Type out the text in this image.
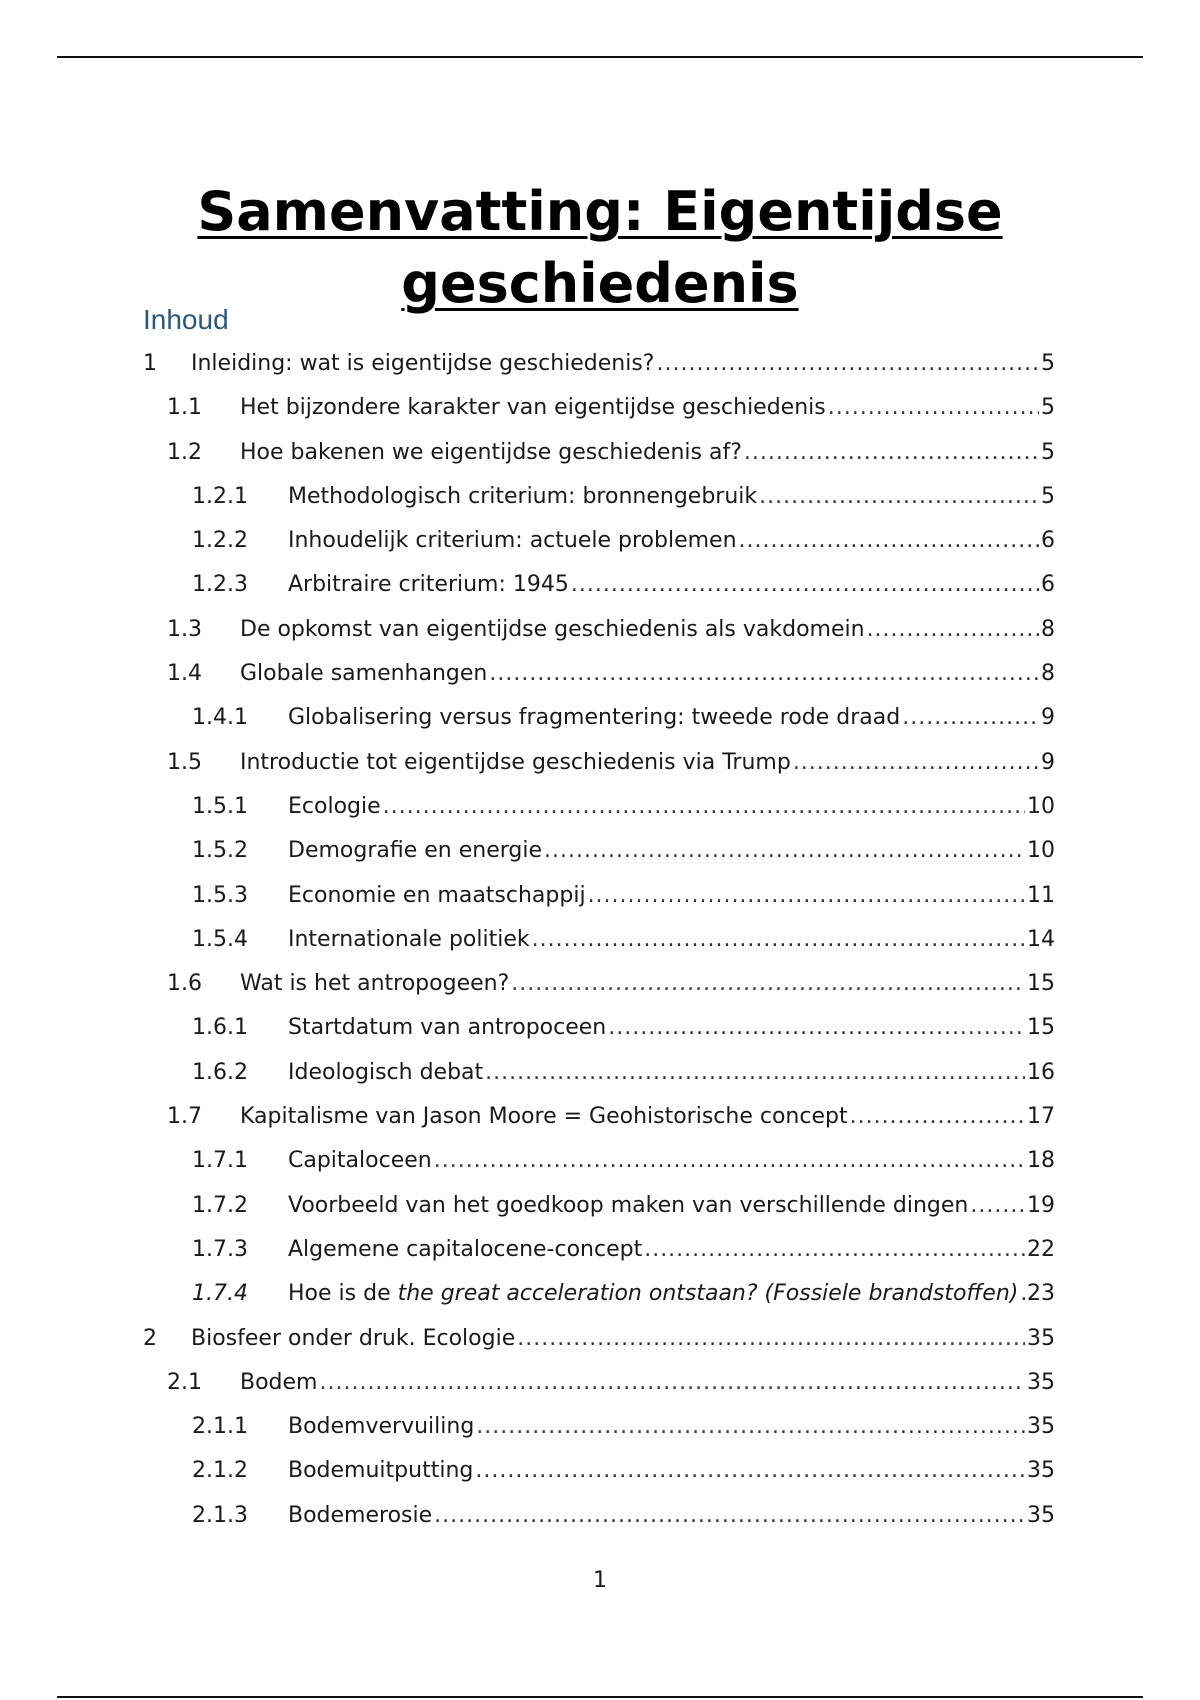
Samenvatting: Eigentijdse
geschiedenis
Inhoud
1 Inleiding: wat is eigentijdse geschiedenis? .....	5
1.1 Het bijzondere karakter van eigentijdse geschiedenis .....	5
1.2 Hoe bakenen we eigentijdse geschiedenis af? .....	5
1.2.1 Methodologisch criterium: bronnengebruik .....	5
1.2.2 Inhoudelijk criterium: actuele problemen .....	6
1.2.3 Arbitraire criterium: 1945 .....	6
1.3 De opkomst van eigentijdse geschiedenis als vakdomein .....	8
1.4 Globale samenhangen .....	8
1.4.1 Globalisering versus fragmentering: tweede rode draad .....	9
1.5 Introductie tot eigentijdse geschiedenis via Trump .....	9
1.5.1 Ecologie .....	10
1.5.2 Demografie en energie .....	10
1.5.3 Economie en maatschappij .....	11
1.5.4 Internationale politiek .....	14
1.6 Wat is het antropogeen? .....	15
1.6.1 Startdatum van antropoceen .....	15
1.6.2 Ideologisch debat .....	16
1.7 Kapitalisme van Jason Moore = Geohistorische concept .....	17
1.7.1 Capitaloceen .....	18
1.7.2 Voorbeeld van het goedkoop maken van verschillende dingen .....	19
1.7.3 Algemene capitalocene-concept .....	22
1.7.4 Hoe is de the great acceleration ontstaan? (Fossiele brandstoffen) ..... 23
2 Biosfeer onder druk. Ecologie .....	35
2.1 Bodem .....	35
2.1.1 Bodemvervuiling .....	35
2.1.2 Bodemuitputting .....	35
2.1.3 Bodemerosie .....	35
1
